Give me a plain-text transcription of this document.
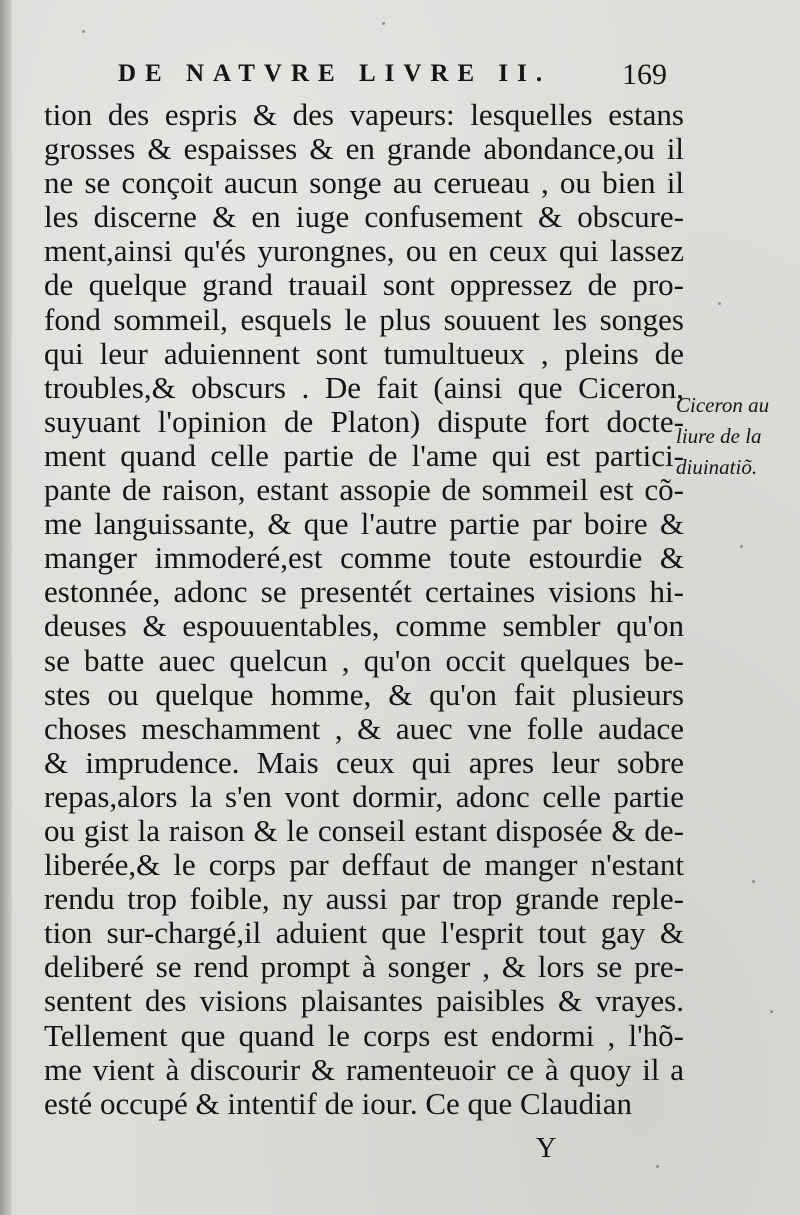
DE NATVRE LIVRE II. 169
tion des espris & des vapeurs: lesquelles estans
grosses & espaisses & en grande abondance,ou il
ne se conçoit aucun songe au cerueau , ou bien il
les discerne & en iuge confusement & obscure-
ment,ainsi qu'és yurongnes, ou en ceux qui lassez
de quelque grand trauail sont oppressez de pro-
fond sommeil, esquels le plus souuent les songes
qui leur aduiennent sont tumultueux , pleins de
troubles,& obscurs . De fait (ainsi que Ciceron,
suyuant l'opinion de Platon) dispute fort docte-
ment quand celle partie de l'ame qui est partici-
pante de raison, estant assopie de sommeil est cõ-
me languissante, & que l'autre partie par boire &
manger immoderé,est comme toute estourdie &
estonnée, adonc se presentét certaines visions hi-
deuses & espouuentables, comme sembler qu'on
se batte auec quelcun , qu'on occit quelques be-
stes ou quelque homme, & qu'on fait plusieurs
choses meschamment , & auec vne folle audace
& imprudence. Mais ceux qui apres leur sobre
repas,alors la s'en vont dormir, adonc celle partie
ou gist la raison & le conseil estant disposée & de-
liberée,& le corps par deffaut de manger n'estant
rendu trop foible, ny aussi par trop grande reple-
tion sur-chargé,il aduient que l'esprit tout gay &
deliberé se rend prompt à songer , & lors se pre-
sentent des visions plaisantes paisibles & vrayes.
Tellement que quand le corps est endormi , l'hõ-
me vient à discourir & ramenteuoir ce à quoy il a
esté occupé & intentif de iour. Ce que Claudian
Ciceron au
liure de la
diuinatiõ.
Y
